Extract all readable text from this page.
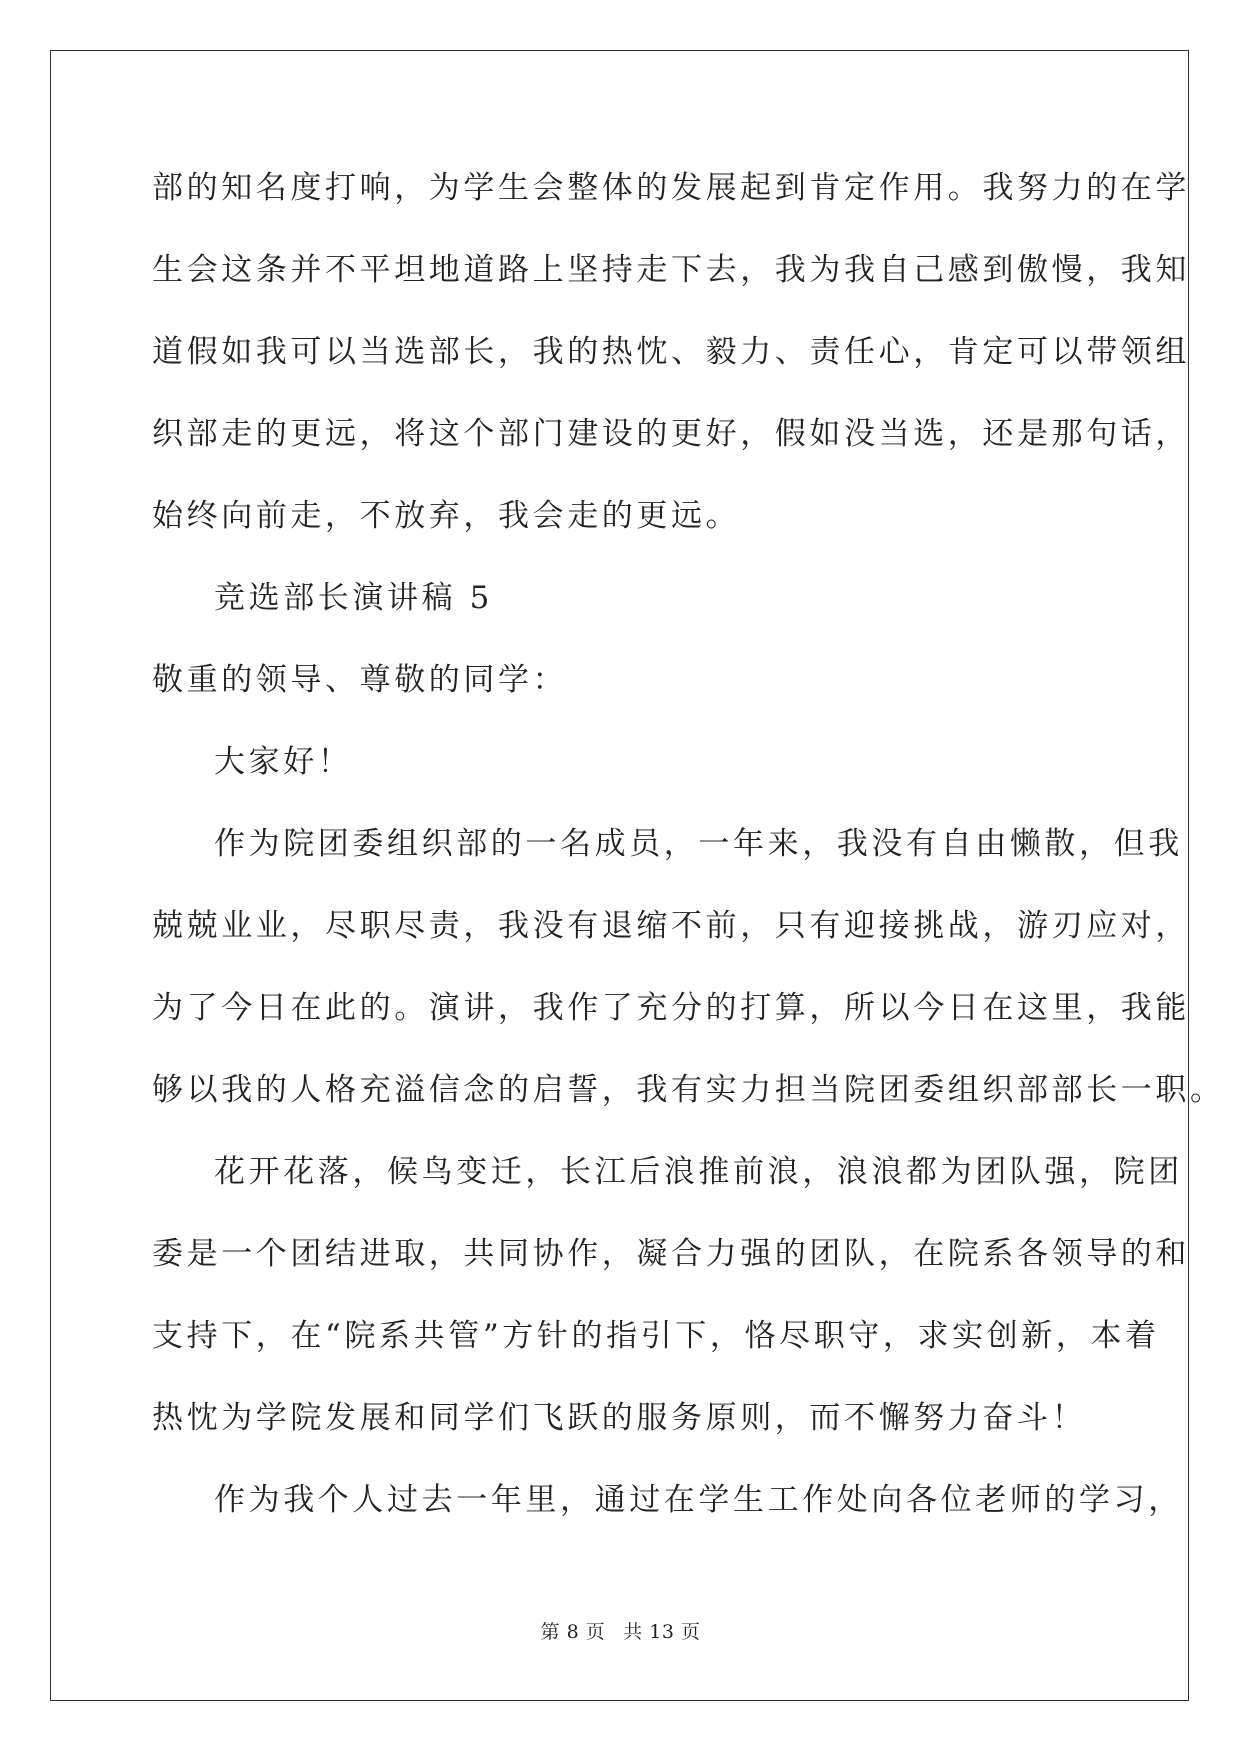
部的知名度打响，为学生会整体的发展起到肯定作用。我努力的在学
生会这条并不平坦地道路上坚持走下去，我为我自己感到傲慢，我知
道假如我可以当选部长，我的热忱、毅力、责任心，肯定可以带领组
织部走的更远，将这个部门建设的更好，假如没当选，还是那句话，
始终向前走，不放弃，我会走的更远。
竞选部长演讲稿 5
敬重的领导、尊敬的同学：
大家好！
作为院团委组织部的一名成员，一年来，我没有自由懒散，但我
兢兢业业，尽职尽责，我没有退缩不前，只有迎接挑战，游刃应对，
为了今日在此的。演讲，我作了充分的打算，所以今日在这里，我能
够以我的人格充溢信念的启誓，我有实力担当院团委组织部部长一职。
花开花落，候鸟变迁，长江后浪推前浪，浪浪都为团队强，院团
委是一个团结进取，共同协作，凝合力强的团队，在院系各领导的和
支持下，在“院系共管”方针的指引下，恪尽职守，求实创新，本着
热忱为学院发展和同学们飞跃的服务原则，而不懈努力奋斗！
作为我个人过去一年里，通过在学生工作处向各位老师的学习，
第 8 页 共 13 页
